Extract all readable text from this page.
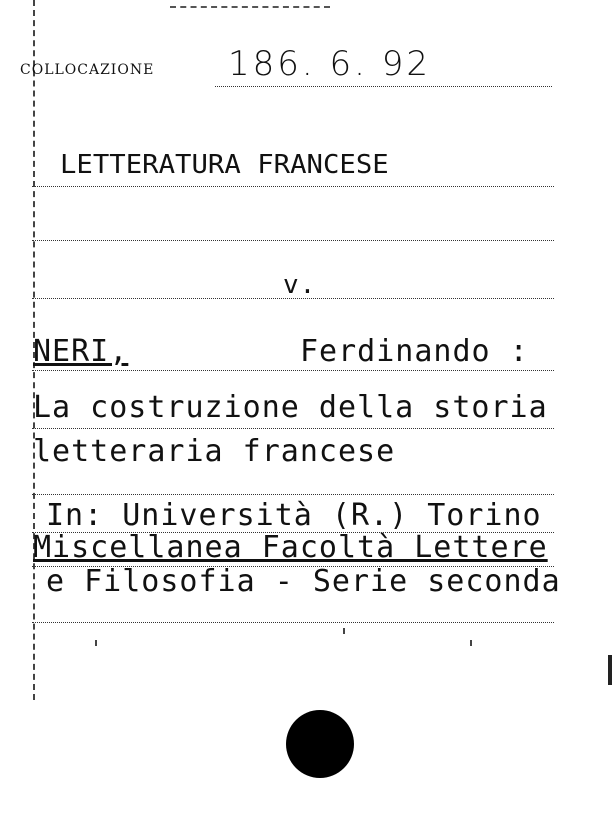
COLLOCAZIONE 186. 6. 92
LETTERATURA FRANCESE
v.
NERI,	Ferdinando :
La costruzione della storia
letteraria francese
In: Università (R.) Torino
Miscellanea Facoltà Lettere
e Filosofia - Serie seconda
